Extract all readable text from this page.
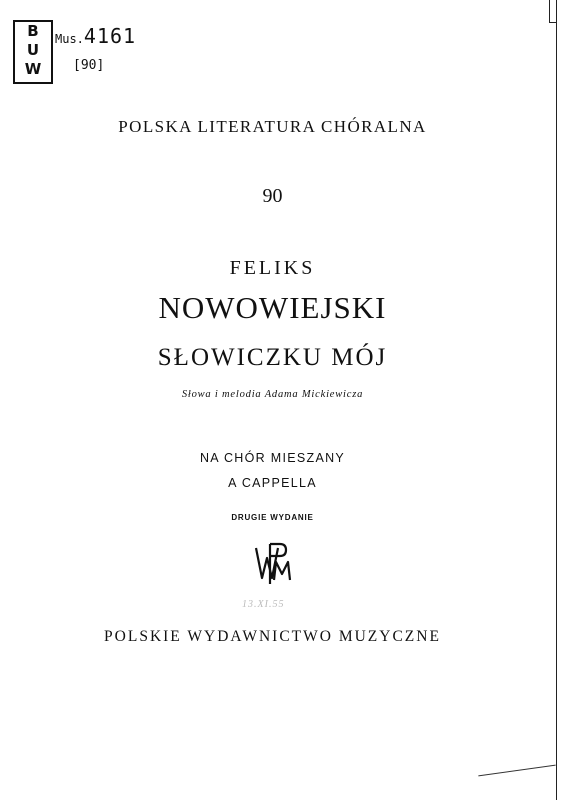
B
U
W
Mus.4161
[90]
POLSKA LITERATURA CHÓRALNA
90
FELIKS
NOWOWIEJSKI
SŁOWICZKU MÓJ
Słowa i melodia Adama Mickiewicza
NA CHÓR MIESZANY
A CAPPELLA
DRUGIE WYDANIE
13.XI.55
POLSKIE WYDAWNICTWO MUZYCZNE
